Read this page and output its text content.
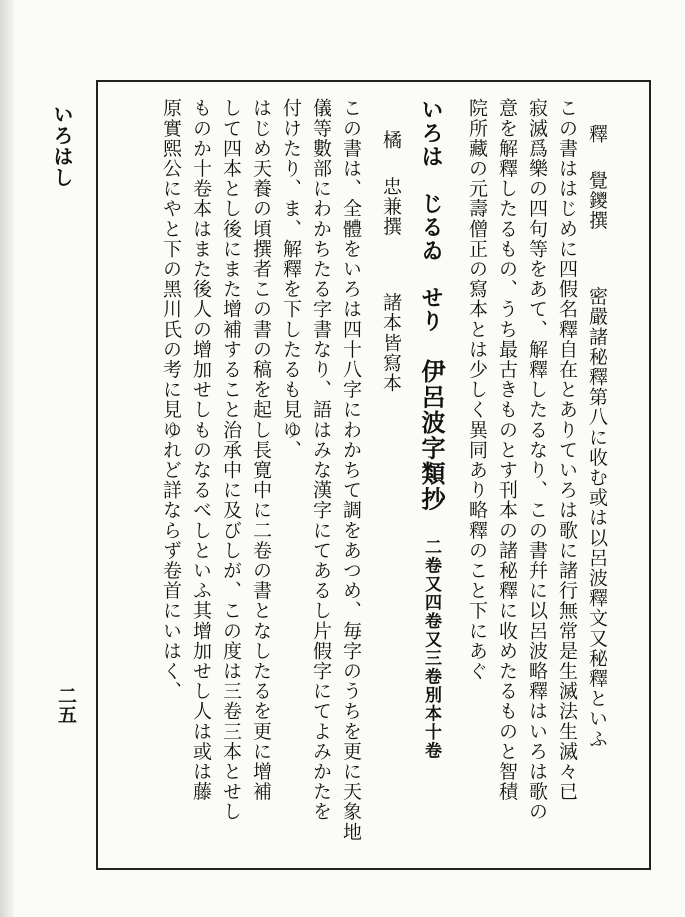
いろはし
二五
釋覺鑁撰密嚴諸秘釋第八に收む或は以呂波釋文又秘釋といふ
この書ははじめに四假名釋自在とありていろは歌に諸行無常是生滅法生滅々已
寂滅爲樂の四句等をあて、解釋したるなり、この書幷に以呂波略釋はいろは歌の
意を解釋したるもの、うち最古きものとす刊本の諸秘釋に收めたるものと智積
院所藏の元壽僧正の寫本とは少しく異同あり略釋のこと下にあぐ
いろは　じるゐ　せり伊呂波字類抄二卷又四卷又三卷別本十卷
橘忠兼撰諸本皆寫本
この書は、全體をいろは四十八字にわかちて調をあつめ、毎字のうちを更に天象地
儀等數部にわかちたる字書なり、語はみな漢字にてあるし片假字にてよみかたを
付けたり、ま、解釋を下したるも見ゆ、
はじめ天養の頃撰者この書の稿を起し長寛中に二卷の書となしたるを更に增補
して四本とし後にまた增補すること治承中に及びしが、この度は三卷三本とせし
ものか十卷本はまた後人の增加せしものなるべしといふ其增加せし人は或は藤
原實熙公にやと下の黑川氏の考に見ゆれど詳ならず卷首にいはく、
